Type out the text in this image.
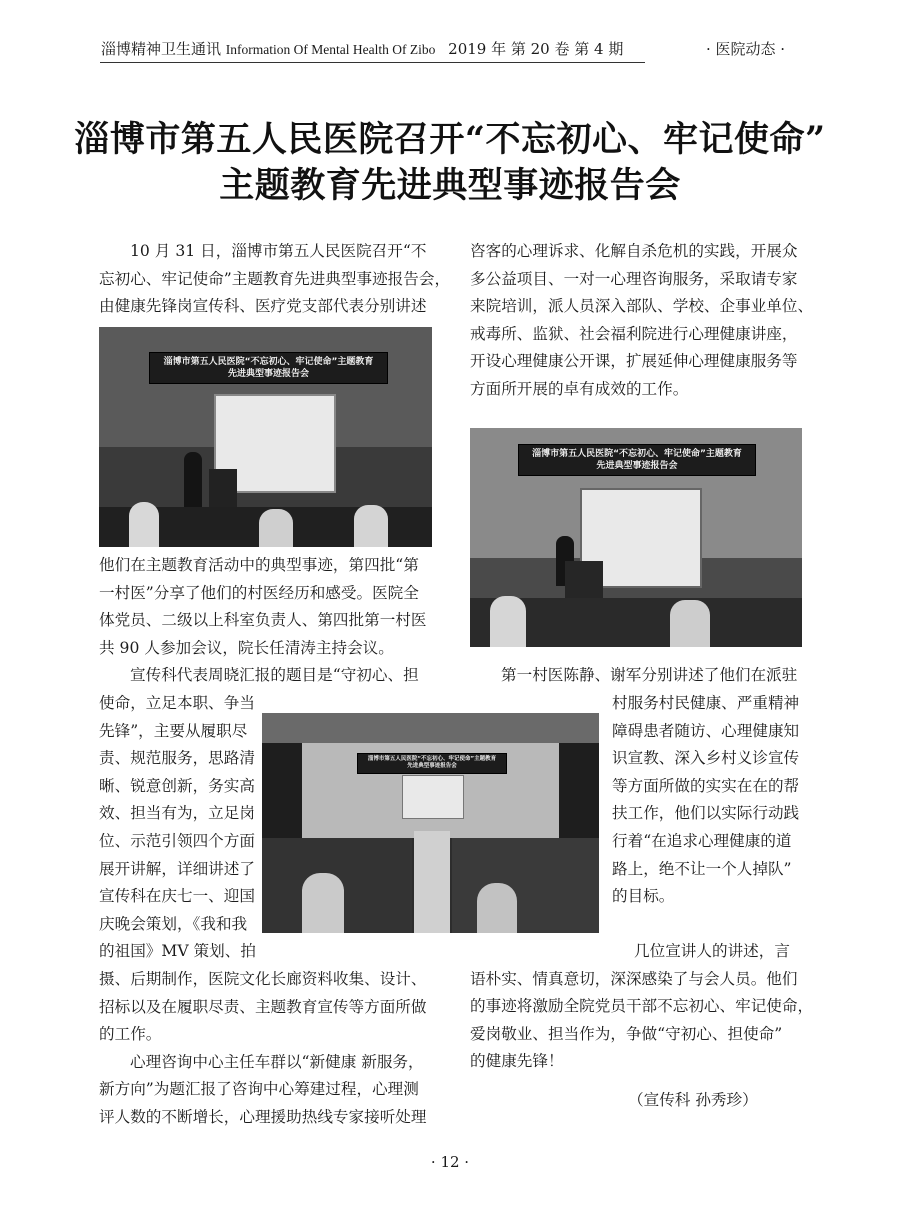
淄博精神卫生通讯 Information Of Mental Health Of Zibo 2019 年 第 20 卷 第 4 期	· 医院动态 ·
淄博市第五人民医院召开“不忘初心、牢记使命”
主题教育先进典型事迹报告会
10 月 31 日，淄博市第五人民医院召开“不
忘初心、牢记使命”主题教育先进典型事迹报告会，
由健康先锋岗宣传科、医疗党支部代表分别讲述
淄博市第五人民医院“不忘初心、牢记使命”主题教育
先进典型事迹报告会
他们在主题教育活动中的典型事迹，第四批“第
一村医”分享了他们的村医经历和感受。医院全
体党员、二级以上科室负责人、第四批第一村医
共 90 人参加会议，院长任清涛主持会议。
宣传科代表周晓汇报的题目是“守初心、担
使命，立足本职、争当
先锋”，主要从履职尽
责、规范服务，思路清
晰、锐意创新，务实高
效、担当有为，立足岗
位、示范引领四个方面
展开讲解，详细讲述了
宣传科在庆七一、迎国
庆晚会策划，《我和我
的祖国》MV 策划、拍
摄、后期制作，医院文化长廊资料收集、设计、
招标以及在履职尽责、主题教育宣传等方面所做
的工作。
心理咨询中心主任车群以“新健康 新服务，
新方向”为题汇报了咨询中心筹建过程，心理测
评人数的不断增长，心理援助热线专家接听处理
淄博市第五人民医院“不忘初心、牢记使命”主题教育
先进典型事迹报告会
咨客的心理诉求、化解自杀危机的实践，开展众
多公益项目、一对一心理咨询服务，采取请专家
来院培训，派人员深入部队、学校、企事业单位、
戒毒所、监狱、社会福利院进行心理健康讲座，
开设心理健康公开课，扩展延伸心理健康服务等
方面所开展的卓有成效的工作。
淄博市第五人民医院“不忘初心、牢记使命”主题教育
先进典型事迹报告会
第一村医陈静、谢军分别讲述了他们在派驻
村服务村民健康、严重精神
障碍患者随访、心理健康知
识宣教、深入乡村义诊宣传
等方面所做的实实在在的帮
扶工作，他们以实际行动践
行着“在追求心理健康的道
路上，绝不让一个人掉队”
的目标。
几位宣讲人的讲述，言
语朴实、情真意切，深深感染了与会人员。他们
的事迹将激励全院党员干部不忘初心、牢记使命，
爱岗敬业、担当作为，争做“守初心、担使命”
的健康先锋！
（宣传科 孙秀珍）
· 12 ·
